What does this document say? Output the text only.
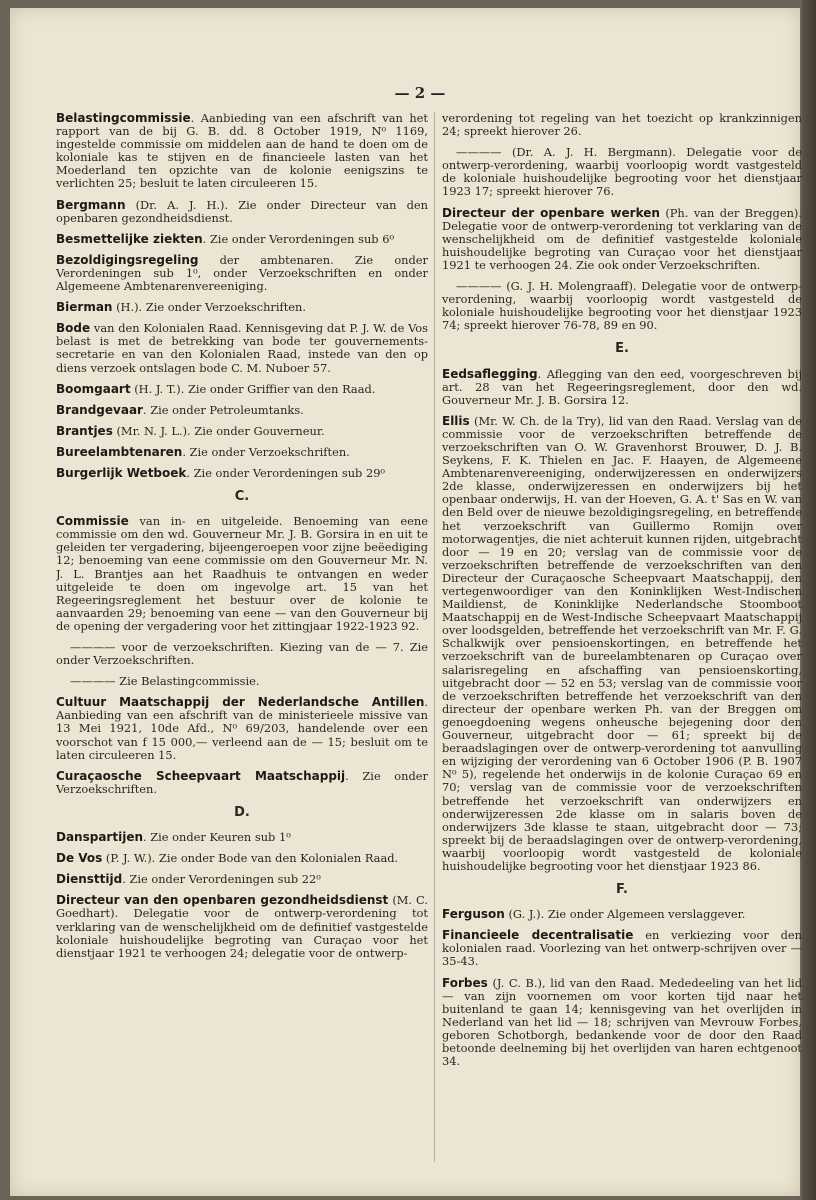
— 2 —
Belastingcommissie. Aanbieding van een afschrift van het rapport van de bij G. B. dd. 8 October 1919, N⁰ 1169, ingestelde commissie om middelen aan de hand te doen om de koloniale kas te stijven en de financieele lasten van het Moederland ten opzichte van de kolonie eenigszins te verlichten 25; besluit te laten circuleeren 15.
Bergmann (Dr. A. J. H.). Zie onder Directeur van den openbaren gezondheidsdienst.
Besmettelijke ziekten. Zie onder Verordeningen sub 6⁰
Bezoldigingsregeling der ambtenaren. Zie onder Verordeningen sub 1⁰, onder Verzoekschriften en onder Algemeene Ambtenarenvereeniging.
Bierman (H.). Zie onder Verzoekschriften.
Bode van den Kolonialen Raad. Kennisgeving dat P. J. W. de Vos belast is met de betrekking van bode ter gouvernements-secretarie en van den Kolonialen Raad, instede van den op diens verzoek ontslagen bode C. M. Nuboer 57.
Boomgaart (H. J. T.). Zie onder Griffier van den Raad.
Brandgevaar. Zie onder Petroleumtanks.
Brantjes (Mr. N. J. L.). Zie onder Gouverneur.
Bureelambtenaren. Zie onder Verzoekschriften.
Burgerlijk Wetboek. Zie onder Verordeningen sub 29⁰
C.
Commissie van in- en uitgeleide. Benoeming van eene commissie om den wd. Gouverneur Mr. J. B. Gorsira in en uit te geleiden ter vergadering, bijeengeroepen voor zijne beëediging 12; benoeming van eene commissie om den Gouverneur Mr. N. J. L. Brantjes aan het Raadhuis te ontvangen en weder uitgeleide te doen om ingevolge art. 15 van het Regeeringsreglement het bestuur over de kolonie te aanvaarden 29; benoeming van eene — van den Gouverneur bij de opening der vergadering voor het zittingjaar 1922-1923 92.
———— voor de verzoekschriften. Kiezing van de — 7. Zie onder Verzoekschriften.
———— Zie Belastingcommissie.
Cultuur Maatschappij der Nederlandsche Antillen. Aanbieding van een afschrift van de ministerieele missive van 13 Mei 1921, 10de Afd., N⁰ 69/203, handelende over een voorschot van f 15 000,— verleend aan de — 15; besluit om te laten circuleeren 15.
Curaçaosche Scheepvaart Maatschappij. Zie onder Verzoekschriften.
D.
Danspartijen. Zie onder Keuren sub 1⁰
De Vos (P. J. W.). Zie onder Bode van den Kolonialen Raad.
Diensttijd. Zie onder Verordeningen sub 22⁰
Directeur van den openbaren gezondheidsdienst (M. C. Goedhart). Delegatie voor de ontwerp-verordening tot verklaring van de wenschelijkheid om de definitief vastgestelde koloniale huishoudelijke begroting van Curaçao voor het dienstjaar 1921 te verhoogen 24; delegatie voor de ontwerp-
verordening tot regeling van het toezicht op krankzinnigen 24; spreekt hierover 26.
———— (Dr. A. J. H. Bergmann). Delegatie voor de ontwerp-verordening, waarbij voorloopig wordt vastgesteld de koloniale huishoudelijke begrooting voor het dienstjaar 1923 17; spreekt hierover 76.
Directeur der openbare werken (Ph. van der Breggen). Delegatie voor de ontwerp-verordening tot verklaring van de wenschelijkheid om de definitief vastgestelde koloniale huishoudelijke begroting van Curaçao voor het dienstjaar 1921 te verhoogen 24. Zie ook onder Verzoekschriften.
———— (G. J. H. Molengraaff). Delegatie voor de ontwerp-verordening, waarbij voorloopig wordt vastgesteld de koloniale huishoudelijke begrooting voor het dienstjaar 1923 74; spreekt hierover 76-78, 89 en 90.
E.
Eedsaflegging. Aflegging van den eed, voorgeschreven bij art. 28 van het Regeeringsreglement, door den wd. Gouverneur Mr. J. B. Gorsira 12.
Ellis (Mr. W. Ch. de la Try), lid van den Raad. Verslag van de commissie voor de verzoekschriften betreffende de verzoekschriften van O. W. Gravenhorst Brouwer, D. J. B. Seykens, F. K. Thielen en Jac. F. Haayen, de Algemeene Ambtenarenvereeniging, onderwijzeressen en onderwijzers 2de klasse, onderwijzeressen en onderwijzers bij het openbaar onderwijs, H. van der Hoeven, G. A. t' Sas en W. van den Beld over de nieuwe bezoldigingsregeling, en betreffende het verzoekschrift van Guillermo Romijn over motorwagentjes, die niet achteruit kunnen rijden, uitgebracht door — 19 en 20; verslag van de commissie voor de verzoekschriften betreffende de verzoekschriften van den Directeur der Curaçaosche Scheepvaart Maatschappij, den vertegenwoordiger van den Koninklijken West-Indischen Maildienst, de Koninklijke Nederlandsche Stoomboot Maatschappij en de West-Indische Scheepvaart Maatschappij over loodsgelden, betreffende het verzoekschrift van Mr. F. G. Schalkwijk over pensioenskortingen, en betreffende het verzoekschrift van de bureelambtenaren op Curaçao over salarisregeling en afschaffing van pensioenskorting, uitgebracht door — 52 en 53; verslag van de commissie voor de verzoekschriften betreffende het verzoekschrift van den directeur der openbare werken Ph. van der Breggen om genoegdoening wegens onheusche bejegening door den Gouverneur, uitgebracht door — 61; spreekt bij de beraadslagingen over de ontwerp-verordening tot aanvulling en wijziging der verordening van 6 October 1906 (P. B. 1907 N⁰ 5), regelende het onderwijs in de kolonie Curaçao 69 en 70; verslag van de commissie voor de verzoekschriften betreffende het verzoekschrift van onderwijzers en onderwijzeressen 2de klasse om in salaris boven de onderwijzers 3de klasse te staan, uitgebracht door — 73; spreekt bij de beraadslagingen over de ontwerp-verordening, waarbij voorloopig wordt vastgesteld de koloniale huishoudelijke begrooting voor het dienstjaar 1923 86.
F.
Ferguson (G. J.). Zie onder Algemeen verslaggever.
Financieele decentralisatie en verkiezing voor den kolonialen raad. Voorlezing van het ontwerp-schrijven over — 35-43.
Forbes (J. C. B.), lid van den Raad. Mededeeling van het lid — van zijn voornemen om voor korten tijd naar het buitenland te gaan 14; kennisgeving van het overlijden in Nederland van het lid — 18; schrijven van Mevrouw Forbes, geboren Schotborgh, bedankende voor de door den Raad betoonde deelneming bij het overlijden van haren echtgenoot 34.
